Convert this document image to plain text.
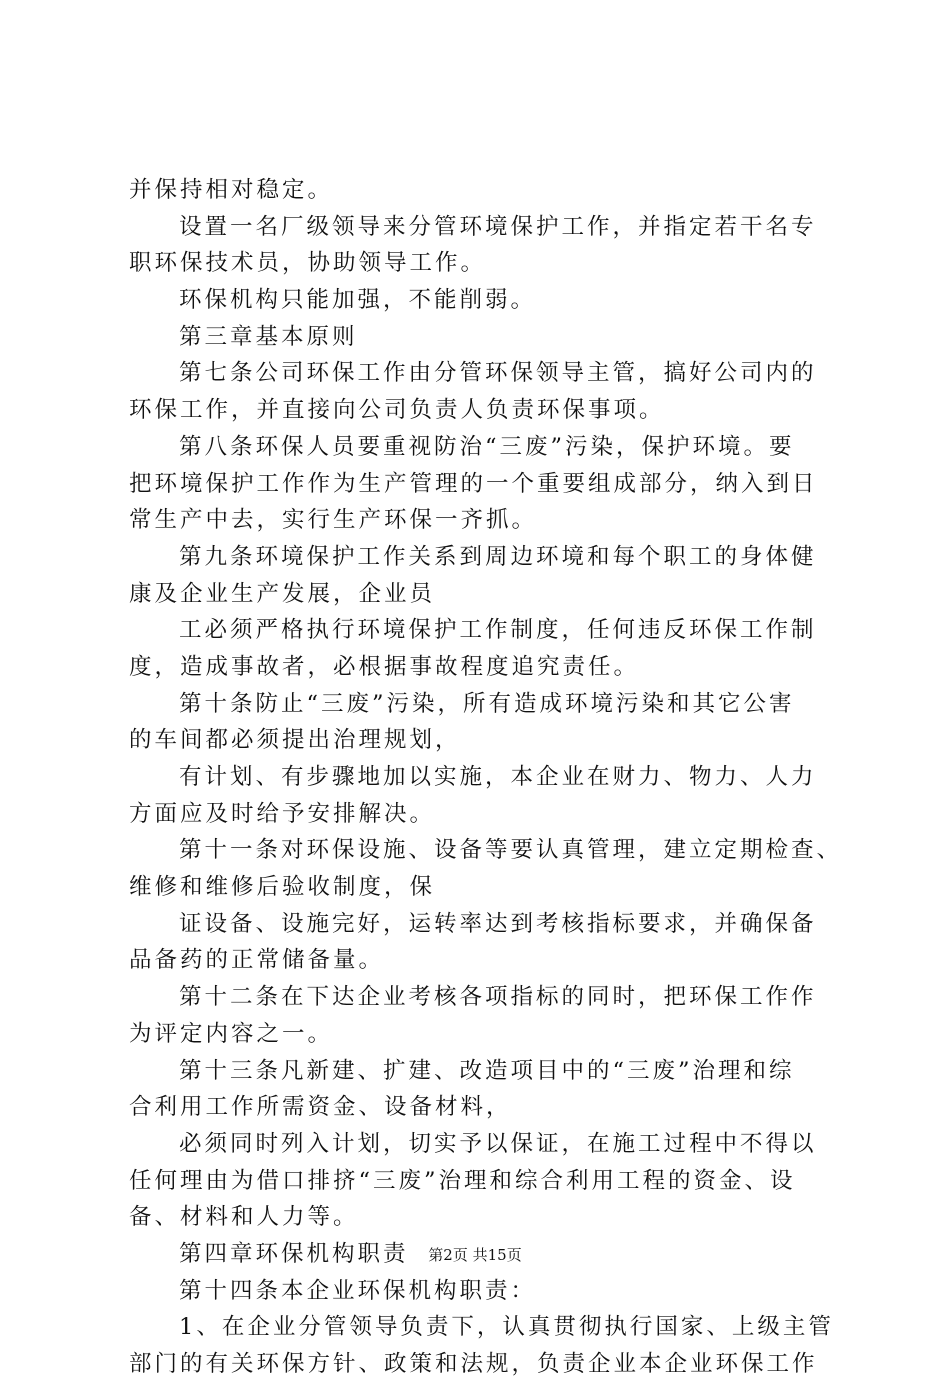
并保持相对稳定。
设置一名厂级领导来分管环境保护工作，并指定若干名专
职环保技术员，协助领导工作。
环保机构只能加强，不能削弱。
第三章基本原则
第七条公司环保工作由分管环保领导主管，搞好公司内的
环保工作，并直接向公司负责人负责环保事项。
第八条环保人员要重视防治“三废”污染，保护环境。要
把环境保护工作作为生产管理的一个重要组成部分，纳入到日
常生产中去，实行生产环保一齐抓。
第九条环境保护工作关系到周边环境和每个职工的身体健
康及企业生产发展，企业员
工必须严格执行环境保护工作制度，任何违反环保工作制
度，造成事故者，必根据事故程度追究责任。
第十条防止“三废”污染，所有造成环境污染和其它公害
的车间都必须提出治理规划，
有计划、有步骤地加以实施，本企业在财力、物力、人力
方面应及时给予安排解决。
第十一条对环保设施、设备等要认真管理，建立定期检查、
维修和维修后验收制度，保
证设备、设施完好，运转率达到考核指标要求，并确保备
品备药的正常储备量。
第十二条在下达企业考核各项指标的同时，把环保工作作
为评定内容之一。
第十三条凡新建、扩建、改造项目中的“三废”治理和综
合利用工作所需资金、设备材料，
必须同时列入计划，切实予以保证，在施工过程中不得以
任何理由为借口排挤“三废”治理和综合利用工程的资金、设
备、材料和人力等。
第四章环保机构职责
第十四条本企业环保机构职责：
1、在企业分管领导负责下，认真贯彻执行国家、上级主管
部门的有关环保方针、政策和法规，负责企业本企业环保工作
第2页 共15页
